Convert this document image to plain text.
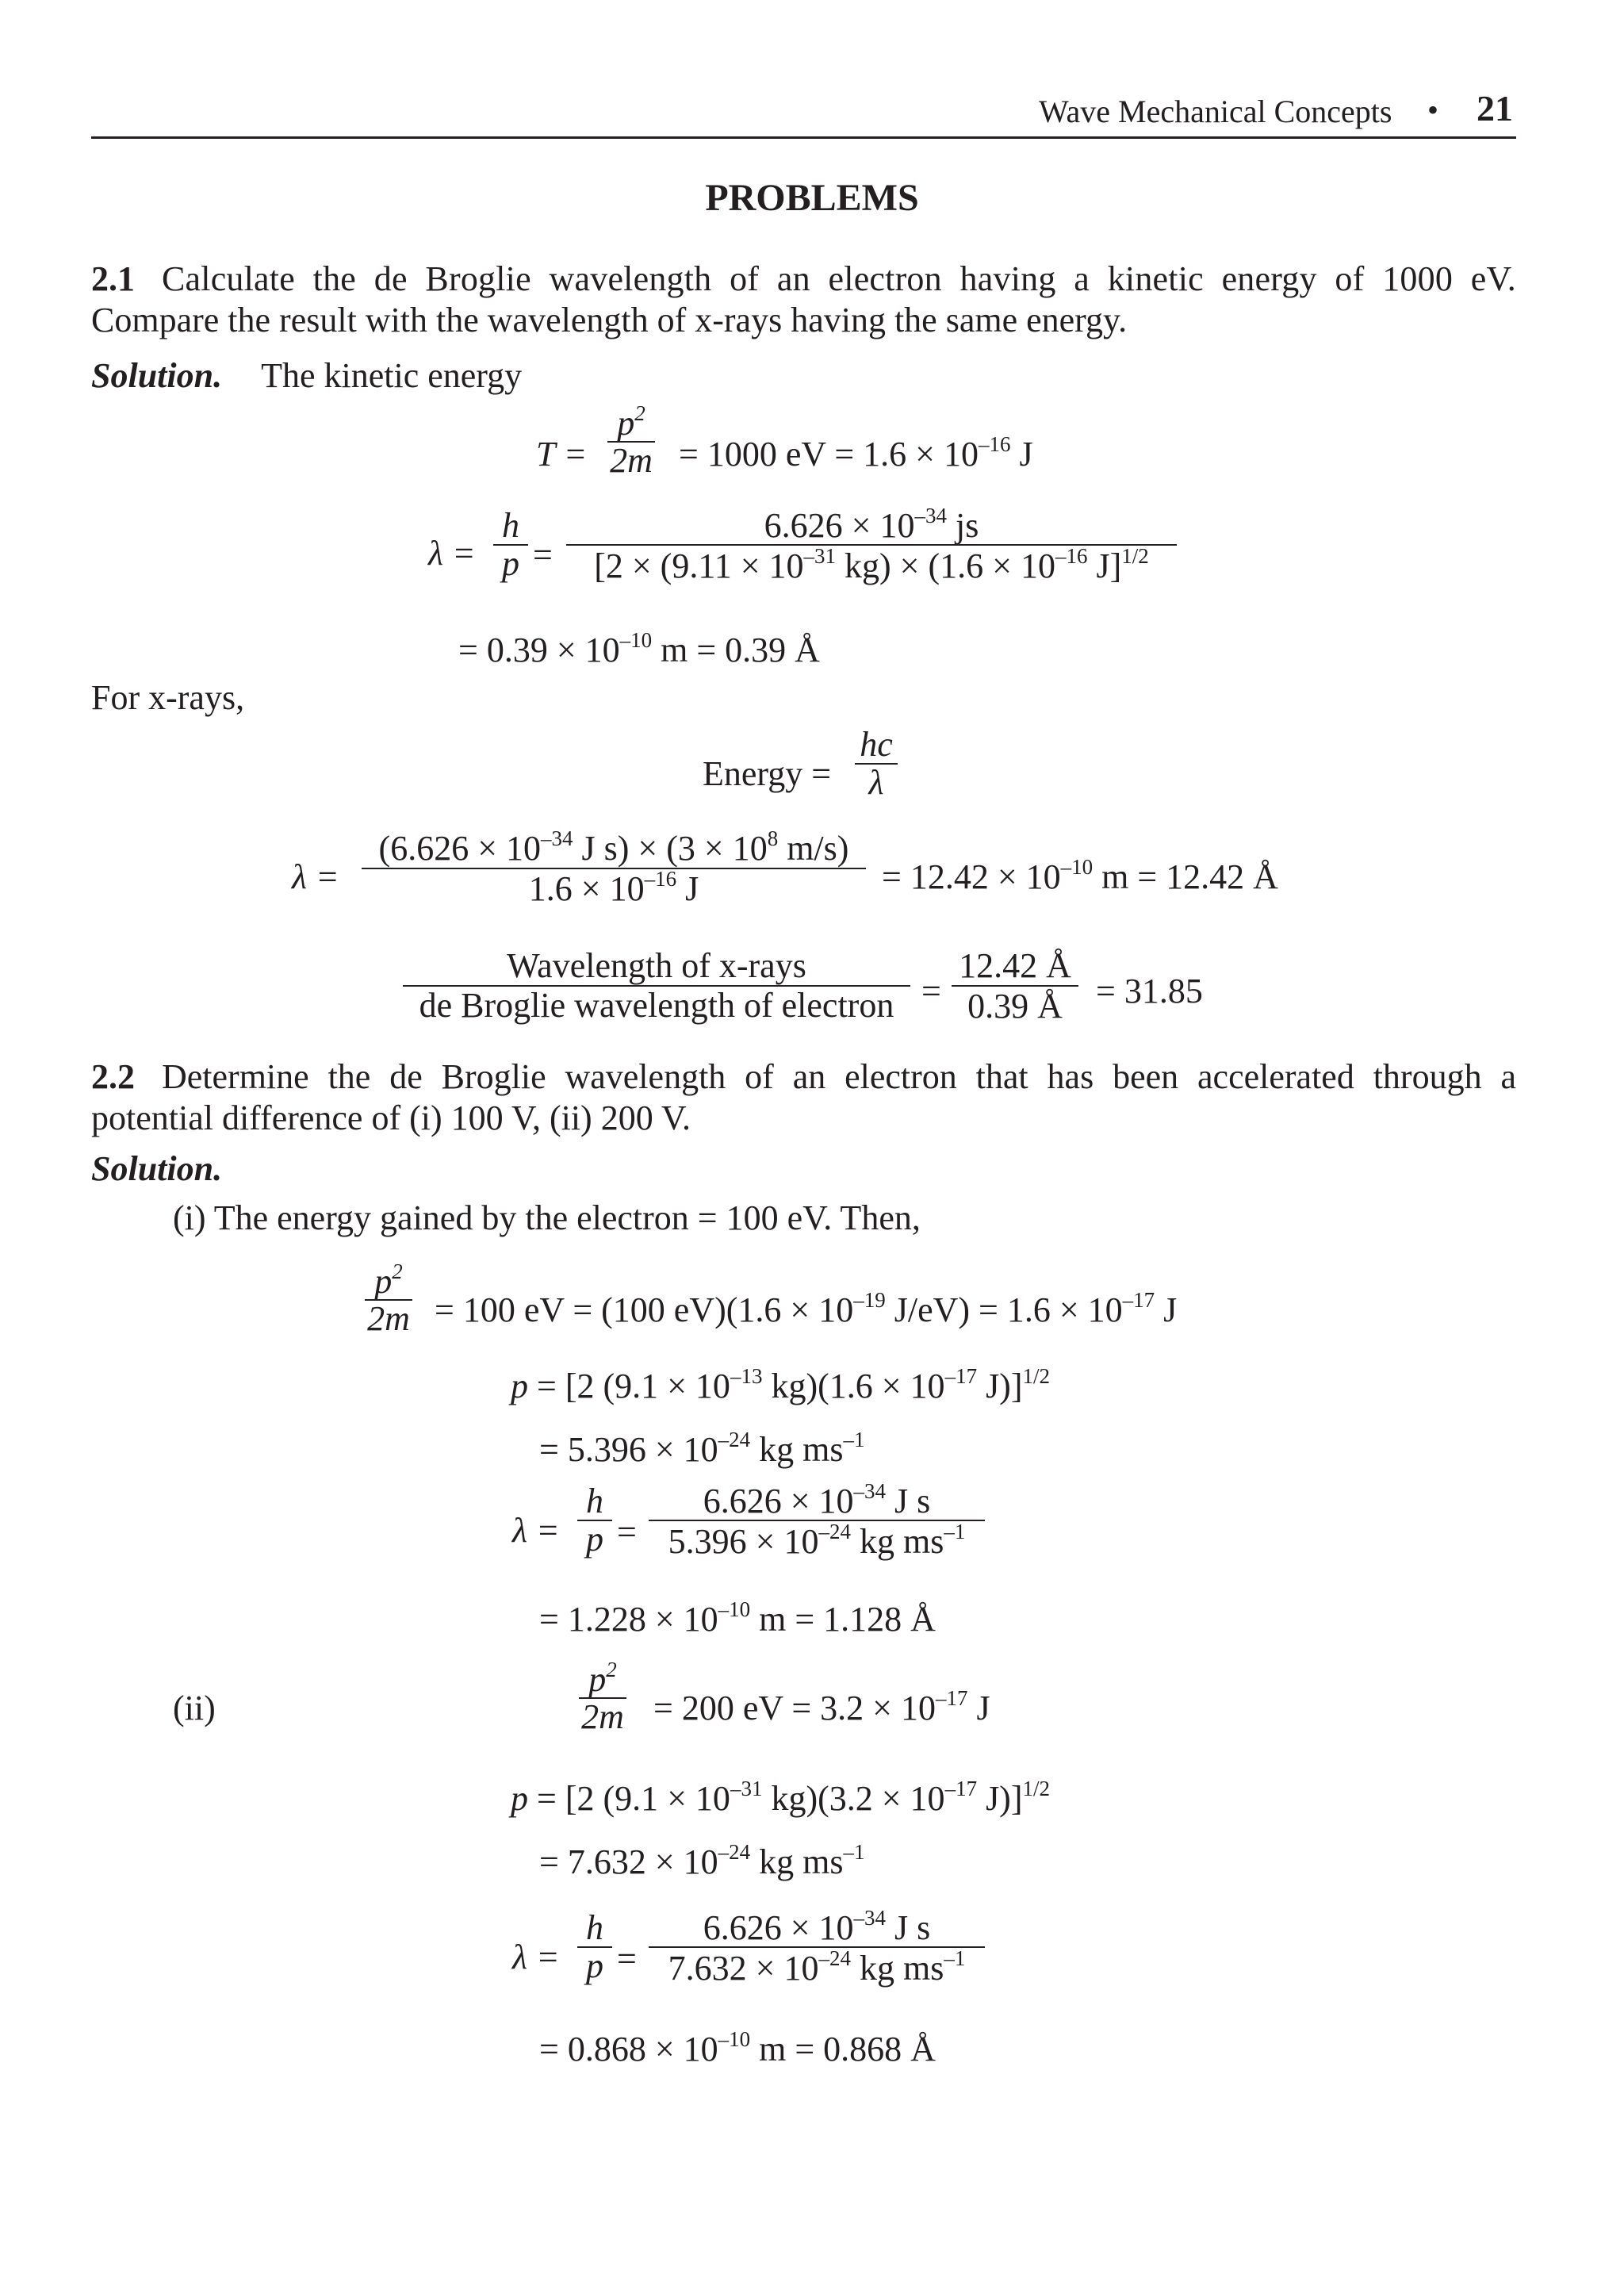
Wave Mechanical Concepts • 21
PROBLEMS
2.1 Calculate the de Broglie wavelength of an electron having a kinetic energy of 1000 eV.
Compare the result with the wavelength of x-rays having the same energy.
Solution. The kinetic energy
T =
$p^2$
2m = 1000 eV = $1.6 \times 10^{-16}$ J
λ =
h
p =
$6.626 \times 10^{-34}$ js
[$2 \times (9.11 \times 10^{-31}$ $kg) \times (1.6 \times 10^{-16}$ J]$^{1/2}$
= $0.39 \times 10^{-10}$ m = 0.39 Å
For x-rays,
Energy =
hc
λ
λ =
($6.626 \times 10^{-34}$ J $s) \times (3 \times 10^8$ m/s)
$1.6 \times 10^{-16}$ J	= $12.42 \times 10^{-10}$ m = 12.42 Å
Wavelength of x-rays
de Broglie wavelength of electron =
12.42 Å
0.39 Å = 31.85
2.2 Determine the de Broglie wavelength of an electron that has been accelerated through a
potential difference of (i) 100 V, (ii) 200 V.
Solution.
(i) The energy gained by the electron = 100 eV. Then,
$p^2$
2m = 100 eV = (100 $eV)(1.6 \times 10^{-19}$ $J/eV) = 1.6 \times 10^{-17}$ J
p = [2 ($9.1 \times 10^{-13}$ $kg)(1.6 \times 10^{-17}$ J)]$^{1/2}$
= $5.396 \times 10^{-24}$ kg $ms^{-1}$
λ =
h
p =
$6.626 \times 10^{-34}$ J s
$5.396 \times 10^{-24}$ kg $ms^{-1}$
= $1.228 \times 10^{-10}$ m = 1.128 Å
(ii)
$p^2$
2m = 200 eV = $3.2 \times 10^{-17}$ J
p = [2 ($9.1 \times 10^{-31}$ $kg)(3.2 \times 10^{-17}$ J)]$^{1/2}$
= $7.632 \times 10^{-24}$ kg $ms^{-1}$
λ =
h
p =
$6.626 \times 10^{-34}$ J s
$7.632 \times 10^{-24}$ kg $ms^{-1}$
= $0.868 \times 10^{-10}$ m = 0.868 Å
